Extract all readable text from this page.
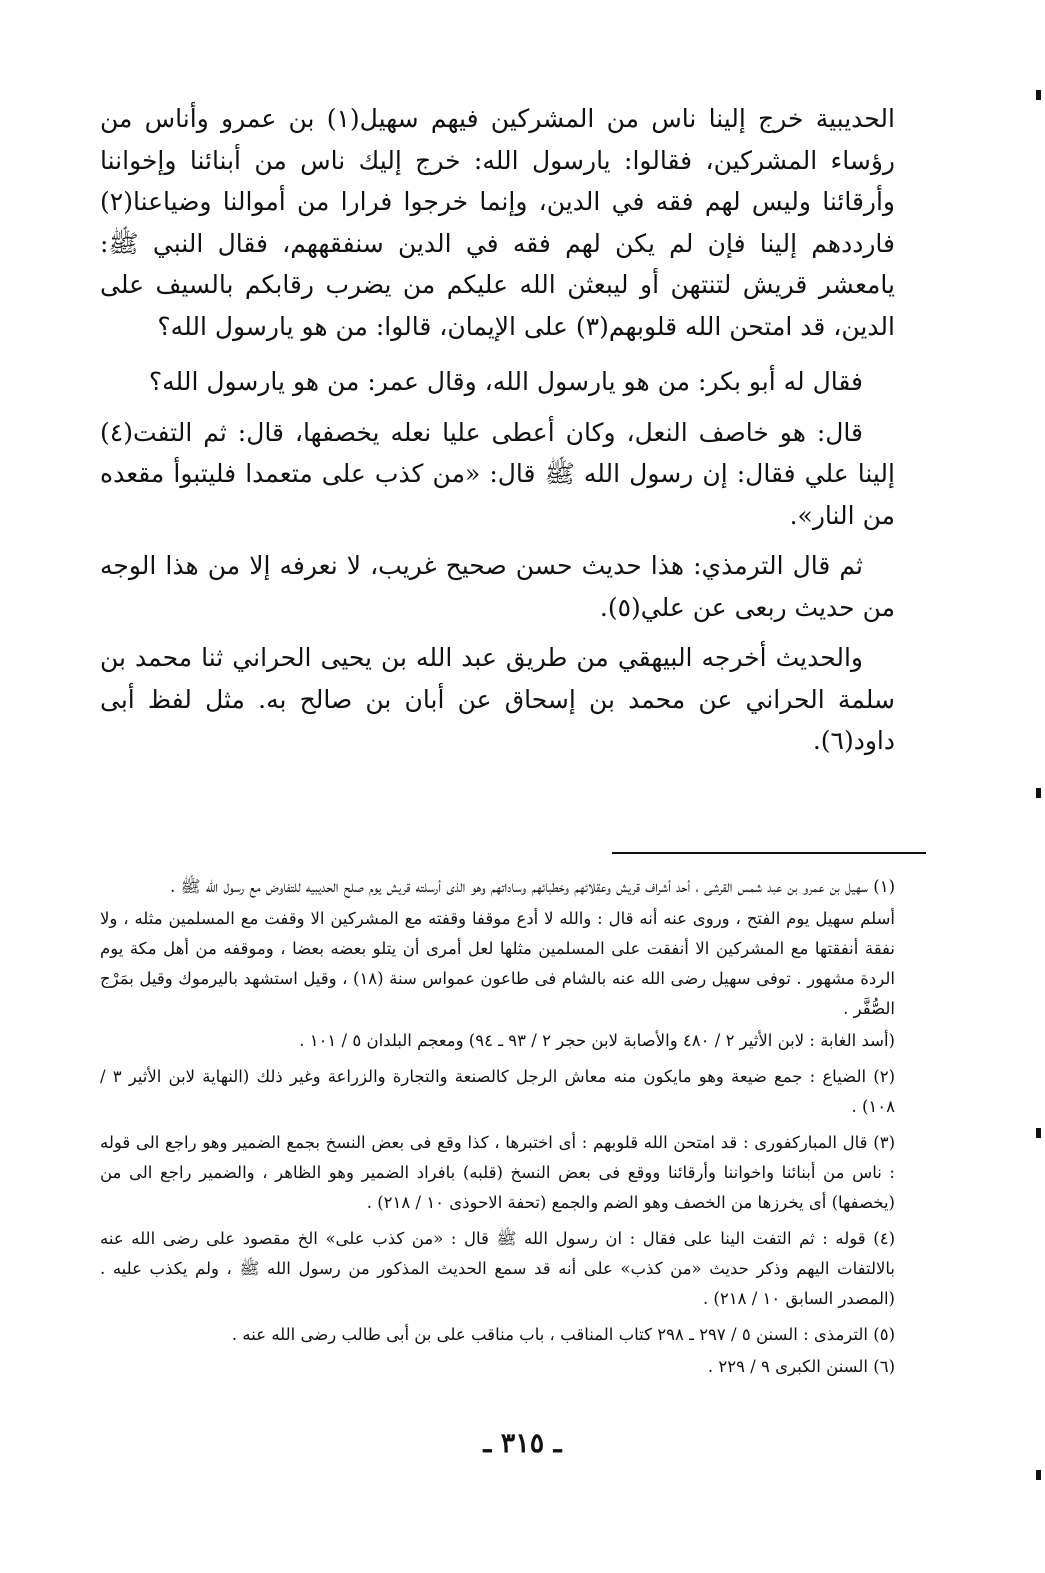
الحديبية خرج إلينا ناس من المشركين فيهم سهيل(١) بن عمرو وأناس من رؤساء المشركين، فقالوا: يارسول الله: خرج إليك ناس من أبنائنا وإخواننا وأرقائنا وليس لهم فقه في الدين، وإنما خرجوا فرارا من أموالنا وضياعنا(٢) فارددهم إلينا فإن لم يكن لهم فقه في الدين سنفقههم، فقال النبي ﷺ: يامعشر قريش لتنتهن أو ليبعثن الله عليكم من يضرب رقابكم بالسيف على الدين، قد امتحن الله قلوبهم(٣) على الإيمان، قالوا: من هو يارسول الله؟

فقال له أبو بكر: من هو يارسول الله، وقال عمر: من هو يارسول الله؟

قال: هو خاصف النعل، وكان أعطى عليا نعله يخصفها، قال: ثم التفت(٤) إلينا علي فقال: إن رسول الله ﷺ قال: «من كذب على متعمدا فليتبوأ مقعده من النار».

ثم قال الترمذي: هذا حديث حسن صحيح غريب، لا نعرفه إلا من هذا الوجه من حديث ربعى عن علي(٥).

والحديث أخرجه البيهقي من طريق عبد الله بن يحيى الحراني ثنا محمد بن سلمة الحراني عن محمد بن إسحاق عن أبان بن صالح به. مثل لفظ أبى داود(٦).

(١) سهيل بن عمرو بن عبد شمس القرشى ، أحد أشراف قريش وعقلائهم وخطبائهم وساداتهم وهو الذى أرسلته قريش يوم صلح الحديبيه للتفاوض مع رسول الله ﷺ .

أسلم سهيل يوم الفتح ، وروى عنه أنه قال : والله لا أدع موقفا وقفته مع المشركين الا وقفت مع المسلمين مثله ، ولا نفقة أنفقتها مع المشركين الا أنفقت على المسلمين مثلها لعل أمرى أن يتلو بعضه بعضا ، وموقفه من أهل مكة يوم الردة مشهور . توفى سهيل رضى الله عنه بالشام فى طاعون عمواس سنة (١٨) ، وقيل استشهد باليرموك وقيل بمَرْج الصُّفَّر .

(أسد الغابة : لابن الأثير ٢ / ٤٨٠ والأصابة لابن حجر ٢ / ٩٣ ـ ٩٤) ومعجم البلدان ٥ / ١٠١ .

(٢) الضياع : جمع ضيعة وهو مايكون منه معاش الرجل كالصنعة والتجارة والزراعة وغير ذلك (النهاية لابن الأثير ٣ / ١٠٨) .

(٣) قال المباركفورى : قد امتحن الله قلوبهم : أى اختبرها ، كذا وقع فى بعض النسخ بجمع الضمير وهو راجع الى قوله : ناس من أبنائنا واخواننا وأرقائنا ووقع فى بعض النسخ (قلبه) بافراد الضمير وهو الظاهر ، والضمير راجع الى من (يخصفها) أى يخرزها من الخصف وهو الضم والجمع (تحفة الاحوذى ١٠ / ٢١٨) .

(٤) قوله : ثم التفت الينا على فقال : ان رسول الله ﷺ قال : «من كذب على» الخ مقصود على رضى الله عنه بالالتفات اليهم وذكر حديث «من كذب» على أنه قد سمع الحديث المذكور من رسول الله ﷺ ، ولم يكذب عليه . (المصدر السابق ١٠ / ٢١٨) .

(٥) الترمذى : السنن ٥ / ٢٩٧ ـ ٢٩٨ كتاب المناقب ، باب مناقب على بن أبى طالب رضى الله عنه .

(٦) السنن الكبرى ٩ / ٢٢٩ .

ـ ٣١٥ ـ
